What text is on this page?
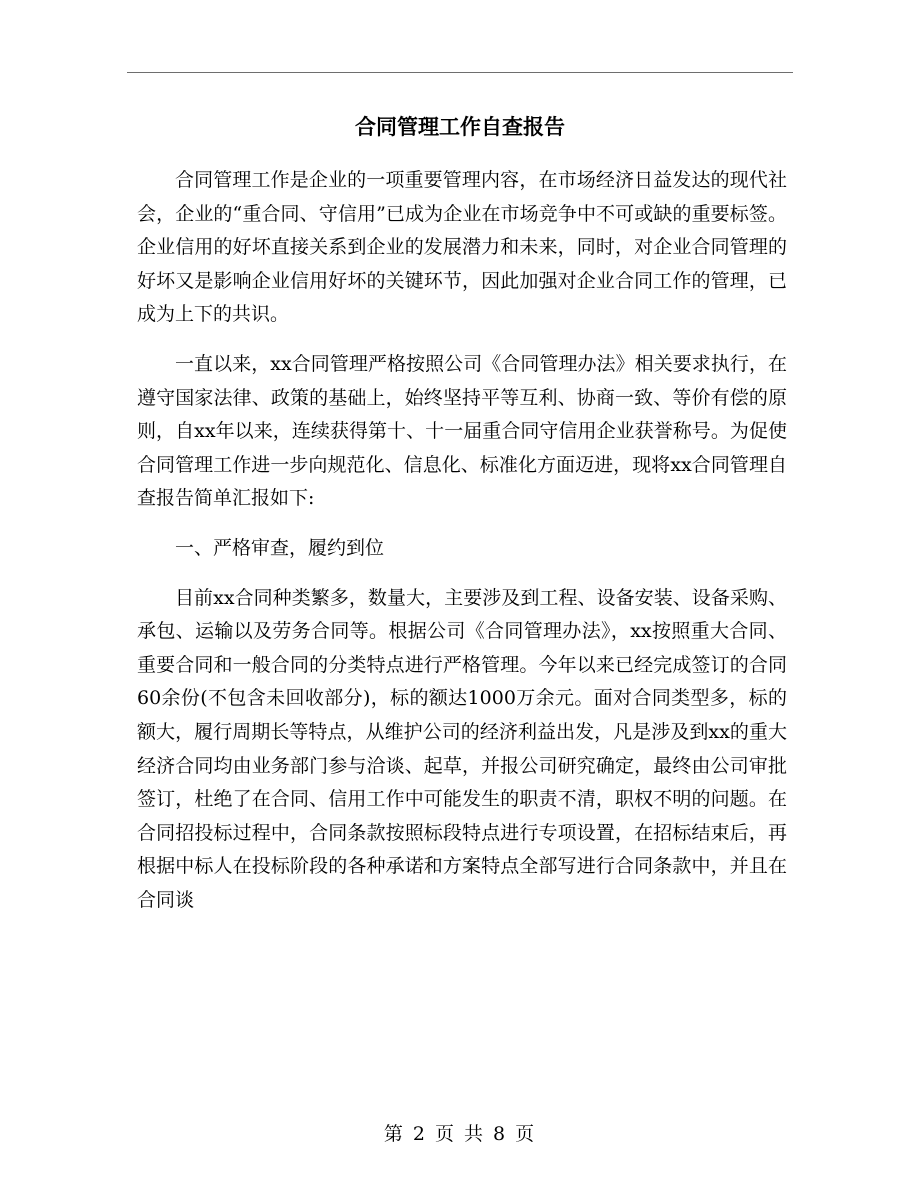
合同管理工作自查报告

合同管理工作是企业的一项重要管理内容，在市场经济日益发达的现代社会，企业的“重合同、守信用”已成为企业在市场竞争中不可或缺的重要标签。企业信用的好坏直接关系到企业的发展潜力和未来，同时，对企业合同管理的好坏又是影响企业信用好坏的关键环节，因此加强对企业合同工作的管理，已成为上下的共识。

一直以来，xx合同管理严格按照公司《合同管理办法》相关要求执行，在遵守国家法律、政策的基础上，始终坚持平等互利、协商一致、等价有偿的原则，自xx年以来，连续获得第十、十一届重合同守信用企业获誉称号。为促使合同管理工作进一步向规范化、信息化、标准化方面迈进，现将xx合同管理自查报告简单汇报如下:

一、严格审查，履约到位

目前xx合同种类繁多，数量大，主要涉及到工程、设备安装、设备采购、承包、运输以及劳务合同等。根据公司《合同管理办法》，xx按照重大合同、重要合同和一般合同的分类特点进行严格管理。今年以来已经完成签订的合同60余份(不包含未回收部分)，标的额达1000万余元。面对合同类型多，标的额大，履行周期长等特点，从维护公司的经济利益出发，凡是涉及到xx的重大经济合同均由业务部门参与洽谈、起草，并报公司研究确定，最终由公司审批签订，杜绝了在合同、信用工作中可能发生的职责不清，职权不明的问题。在合同招投标过程中，合同条款按照标段特点进行专项设置，在招标结束后，再根据中标人在投标阶段的各种承诺和方案特点全部写进行合同条款中，并且在合同谈

第 2 页 共 8 页
